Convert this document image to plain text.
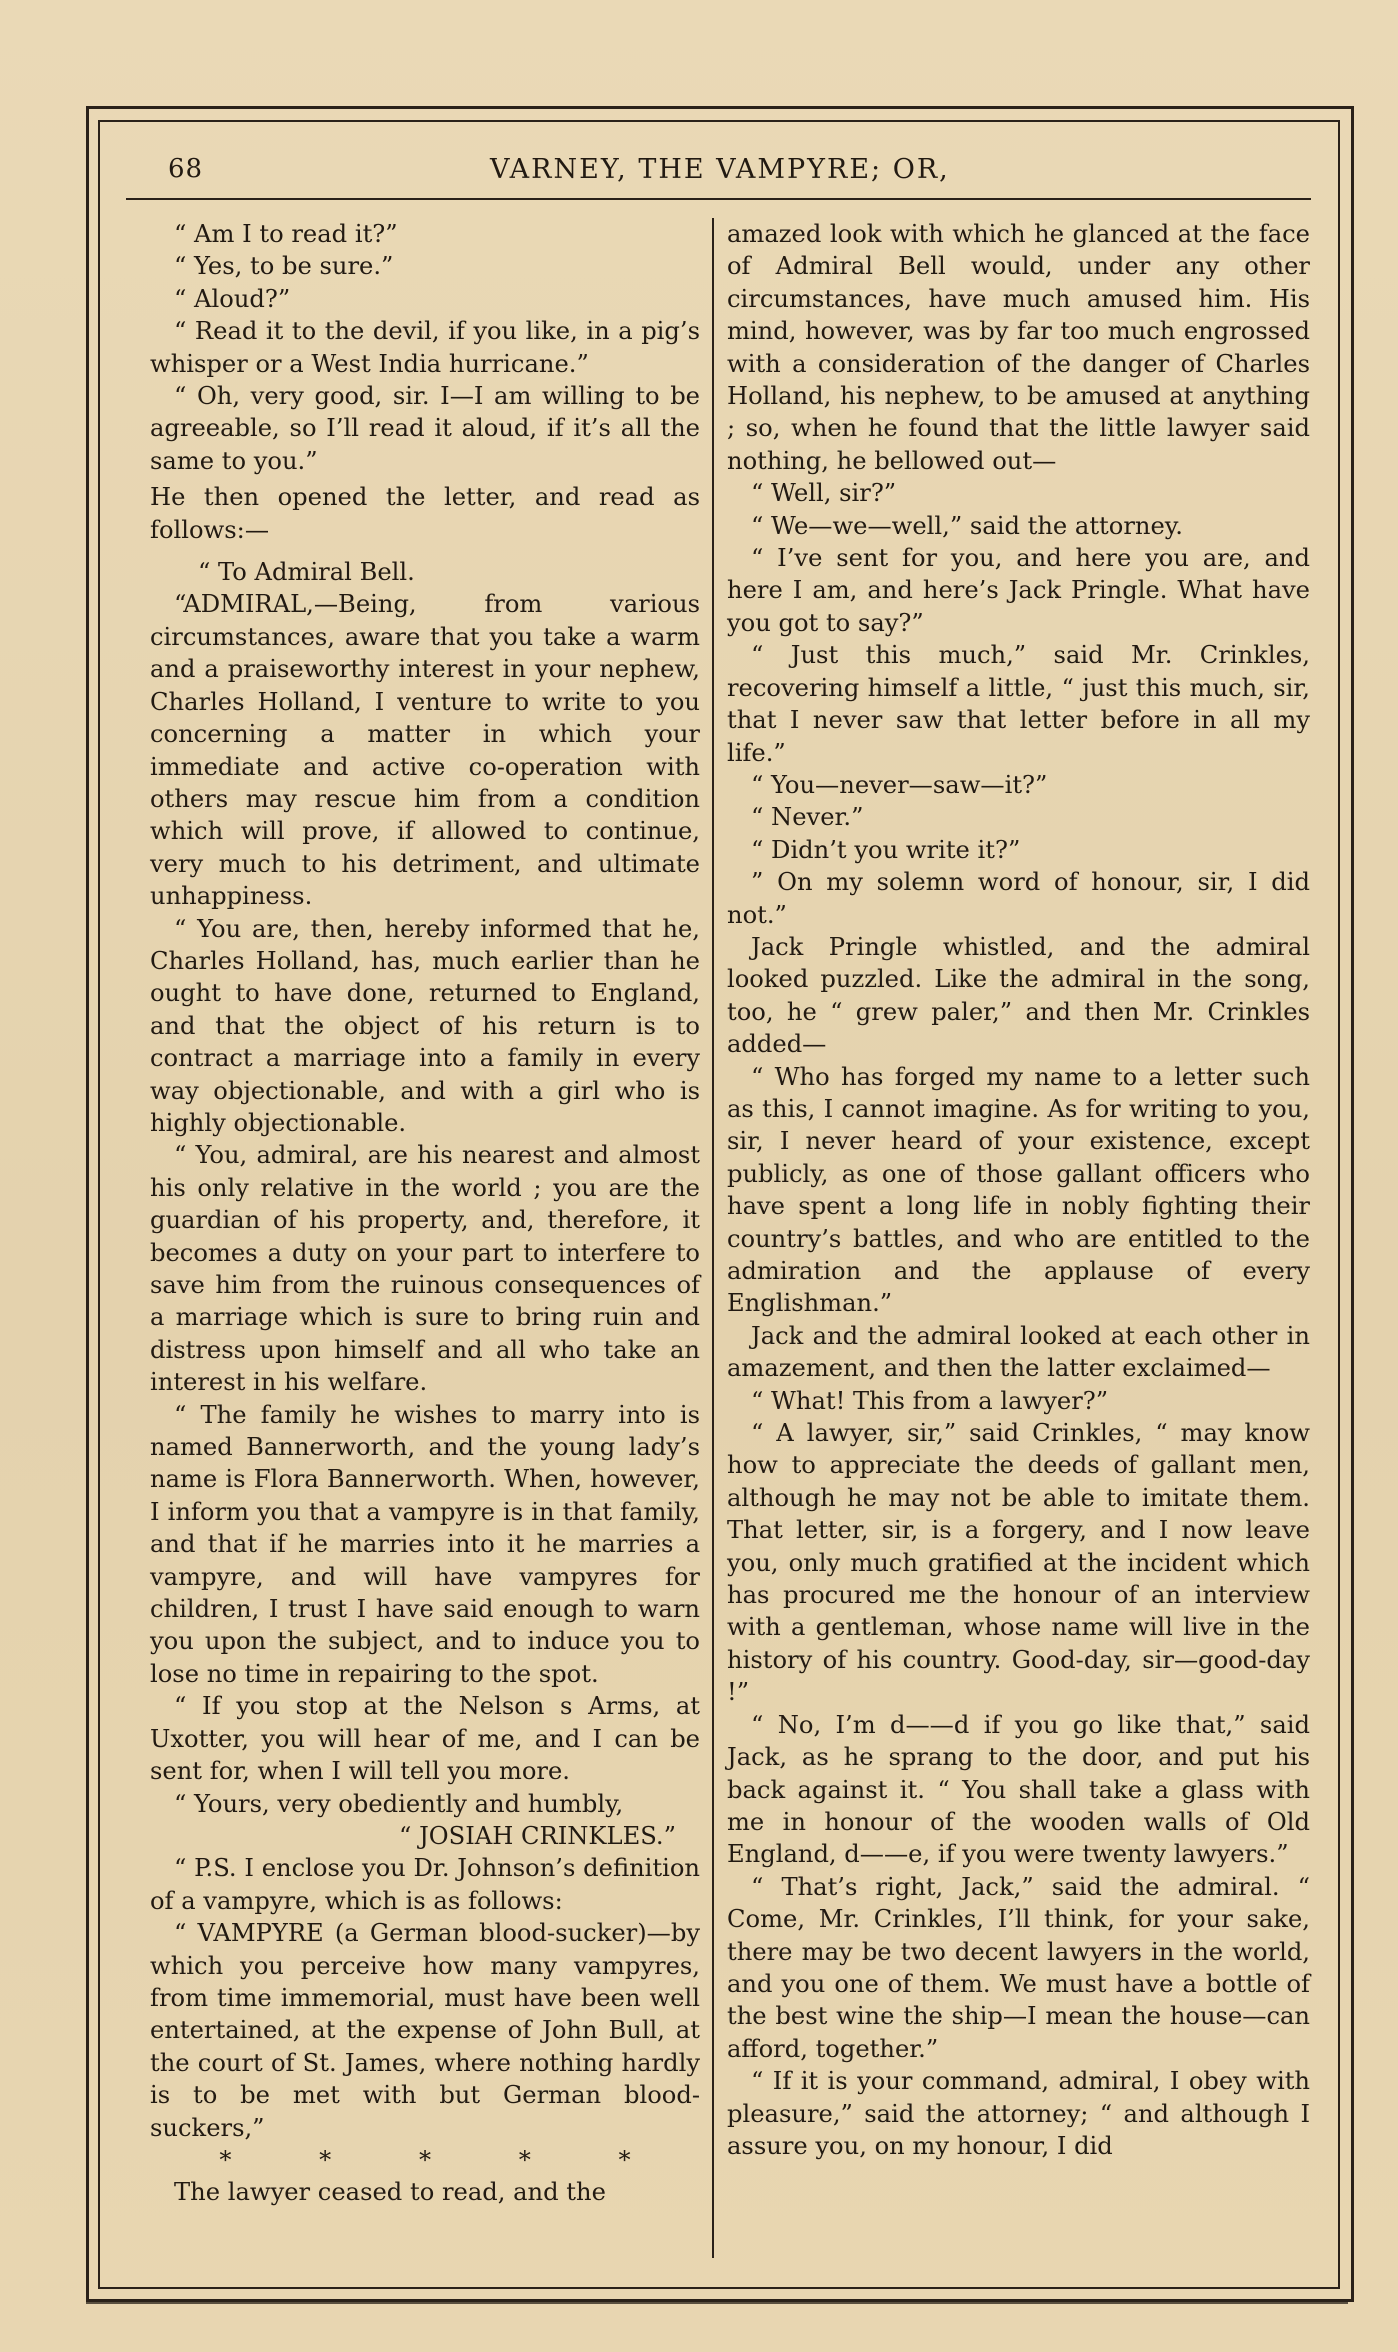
68	VARNEY, THE VAMPYRE; OR,

“ Am I to read it?”

“ Yes, to be sure.”

“ Aloud?”

“ Read it to the devil, if you like, in a pig’s whisper or a West India hurricane.”

“ Oh, very good, sir. I—I am willing to be agreeable, so I’ll read it aloud, if it’s all the same to you.”

He then opened the letter, and read as follows:—

“ To Admiral Bell.

“ADMIRAL,—Being, from various circumstances, aware that you take a warm and a praiseworthy interest in your nephew, Charles Holland, I venture to write to you concerning a matter in which your immediate and active co-operation with others may rescue him from a condition which will prove, if allowed to continue, very much to his detriment, and ultimate unhappiness.

“ You are, then, hereby informed that he, Charles Holland, has, much earlier than he ought to have done, returned to England, and that the object of his return is to contract a marriage into a family in every way objectionable, and with a girl who is highly objectionable.

“ You, admiral, are his nearest and almost his only relative in the world ; you are the guardian of his property, and, therefore, it becomes a duty on your part to interfere to save him from the ruinous consequences of a marriage which is sure to bring ruin and distress upon himself and all who take an interest in his welfare.

“ The family he wishes to marry into is named Bannerworth, and the young lady’s name is Flora Bannerworth. When, however, I inform you that a vampyre is in that family, and that if he marries into it he marries a vampyre, and will have vampyres for children, I trust I have said enough to warn you upon the subject, and to induce you to lose no time in repairing to the spot.

“ If you stop at the Nelson s Arms, at Uxotter, you will hear of me, and I can be sent for, when I will tell you more.

“ Yours, very obediently and humbly,

“ JOSIAH CRINKLES.”

“ P.S. I enclose you Dr. Johnson’s definition of a vampyre, which is as follows:

“ VAMPYRE (a German blood-sucker)—by which you perceive how many vampyres, from time immemorial, must have been well entertained, at the expense of John Bull, at the court of St. James, where nothing hardly is to be met with but German blood-suckers,”

* * * * *

The lawyer ceased to read, and the

amazed look with which he glanced at the face of Admiral Bell would, under any other circumstances, have much amused him. His mind, however, was by far too much engrossed with a consideration of the danger of Charles Holland, his nephew, to be amused at anything ; so, when he found that the little lawyer said nothing, he bellowed out—

“ Well, sir?”

“ We—we—well,” said the attorney.

“ I’ve sent for you, and here you are, and here I am, and here’s Jack Pringle. What have you got to say?”

“ Just this much,” said Mr. Crinkles, recovering himself a little, “ just this much, sir, that I never saw that letter before in all my life.”

“ You—never—saw—it?”

“ Never.”

“ Didn’t you write it?”

” On my solemn word of honour, sir, I did not.”

Jack Pringle whistled, and the admiral looked puzzled. Like the admiral in the song, too, he “ grew paler,” and then Mr. Crinkles added—

“ Who has forged my name to a letter such as this, I cannot imagine. As for writing to you, sir, I never heard of your existence, except publicly, as one of those gallant officers who have spent a long life in nobly fighting their country’s battles, and who are entitled to the admiration and the applause of every Englishman.”

Jack and the admiral looked at each other in amazement, and then the latter exclaimed—

“ What! This from a lawyer?”

“ A lawyer, sir,” said Crinkles, “ may know how to appreciate the deeds of gallant men, although he may not be able to imitate them. That letter, sir, is a forgery, and I now leave you, only much gratified at the incident which has procured me the honour of an interview with a gentleman, whose name will live in the history of his country. Good-day, sir—good-day !”

“ No, I’m d——d if you go like that,” said Jack, as he sprang to the door, and put his back against it. “ You shall take a glass with me in honour of the wooden walls of Old England, d——e, if you were twenty lawyers.”

“ That’s right, Jack,” said the admiral. “ Come, Mr. Crinkles, I’ll think, for your sake, there may be two decent lawyers in the world, and you one of them. We must have a bottle of the best wine the ship—I mean the house—can afford, together.”

“ If it is your command, admiral, I obey with pleasure,” said the attorney; “ and although I assure you, on my honour, I did
